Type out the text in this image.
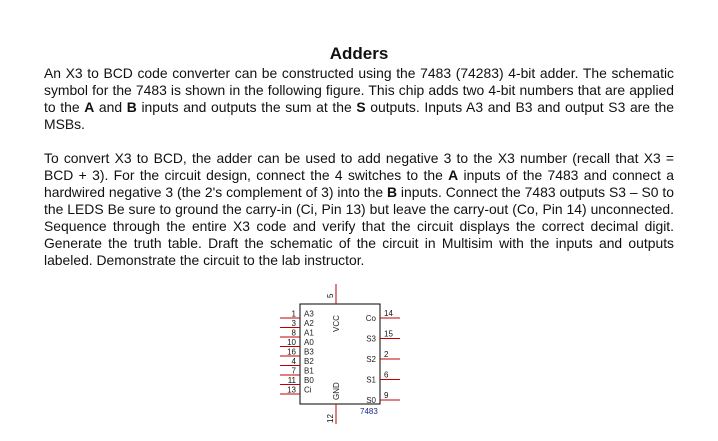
Adders

An X3 to BCD code converter can be constructed using the 7483 (74283) 4-bit adder. The schematic symbol for the 7483 is shown in the following figure. This chip adds two 4-bit numbers that are applied to the A and B inputs and outputs the sum at the S outputs. Inputs A3 and B3 and output S3 are the MSBs.

To convert X3 to BCD, the adder can be used to add negative 3 to the X3 number (recall that X3 = BCD + 3). For the circuit design, connect the 4 switches to the A inputs of the 7483 and connect a hardwired negative 3 (the 2's complement of 3) into the B inputs. Connect the 7483 outputs S3 – S0 to the LEDS Be sure to ground the carry-in (Ci, Pin 13) but leave the carry-out (Co, Pin 14) unconnected. Sequence through the entire X3 code and verify that the circuit displays the correct decimal digit. Generate the truth table. Draft the schematic of the circuit in Multisim with the inputs and outputs labeled. Demonstrate the circuit to the lab instructor.

A3
1
A2
3
A1
8
A0
10
B3
16
B2
4
B1
7
B0
11
Ci
13
Co
14
S3
15
S2
2
S1
6
S0
9
5
VCC
GND
12
7483
